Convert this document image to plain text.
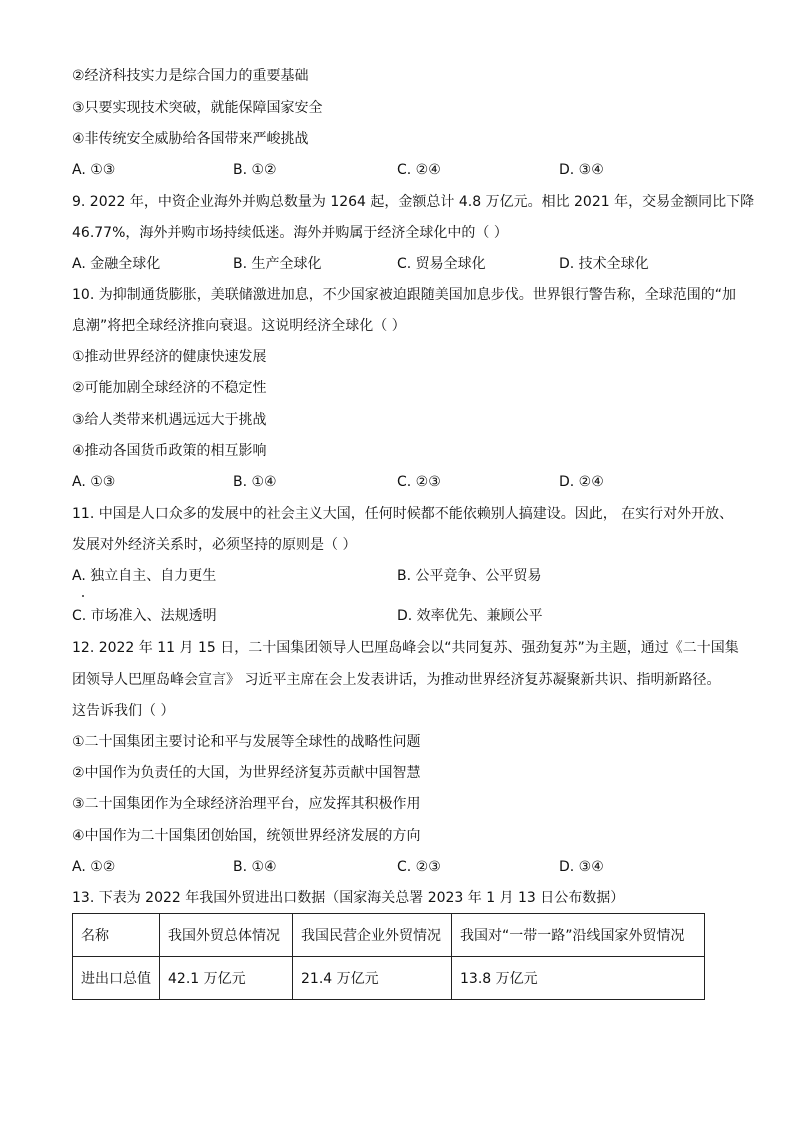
②经济科技实力是综合国力的重要基础
③只要实现技术突破，就能保障国家安全
④非传统安全威胁给各国带来严峻挑战
A. ①③	B. ①②	C. ②④	D. ③④
9. 2022 年，中资企业海外并购总数量为 1264 起，金额总计 4.8 万亿元。相比 2021 年，交易金额同比下降
46.77%，海外并购市场持续低迷。海外并购属于经济全球化中的（ ）
A. 金融全球化	B. 生产全球化	C. 贸易全球化	D. 技术全球化
10. 为抑制通货膨胀，美联储激进加息，不少国家被迫跟随美国加息步伐。世界银行警告称，全球范围的“加
息潮”将把全球经济推向衰退。这说明经济全球化（ ）
①推动世界经济的健康快速发展
②可能加剧全球经济的不稳定性
③给人类带来机遇远远大于挑战
④推动各国货币政策的相互影响
A. ①③	B. ①④	C. ②③	D. ②④
11. 中国是人口众多的发展中的社会主义大国，任何时候都不能依赖别人搞建设。因此， 在实行对外开放、
发展对外经济关系时，必须坚持的原则是（ ）
A. 独立自主、自力更生	B. 公平竞争、公平贸易
C. 市场准入、法规透明	D. 效率优先、兼顾公平
12. 2022 年 11 月 15 日，二十国集团领导人巴厘岛峰会以“共同复苏、强劲复苏”为主题，通过《二十国集
团领导人巴厘岛峰会宣言》 习近平主席在会上发表讲话，为推动世界经济复苏凝聚新共识、指明新路径。
这告诉我们（ ）
①二十国集团主要讨论和平与发展等全球性的战略性问题
②中国作为负责任的大国，为世界经济复苏贡献中国智慧
③二十国集团作为全球经济治理平台，应发挥其积极作用
④中国作为二十国集团创始国，统领世界经济发展的方向
A. ①②	B. ①④	C. ②③	D. ③④
13. 下表为 2022 年我国外贸进出口数据（国家海关总署 2023 年 1 月 13 日公布数据）
名称	我国外贸总体情况	我国民营企业外贸情况	我国对“一带一路”沿线国家外贸情况
进出口总值	42.1 万亿元	21.4 万亿元	13.8 万亿元
